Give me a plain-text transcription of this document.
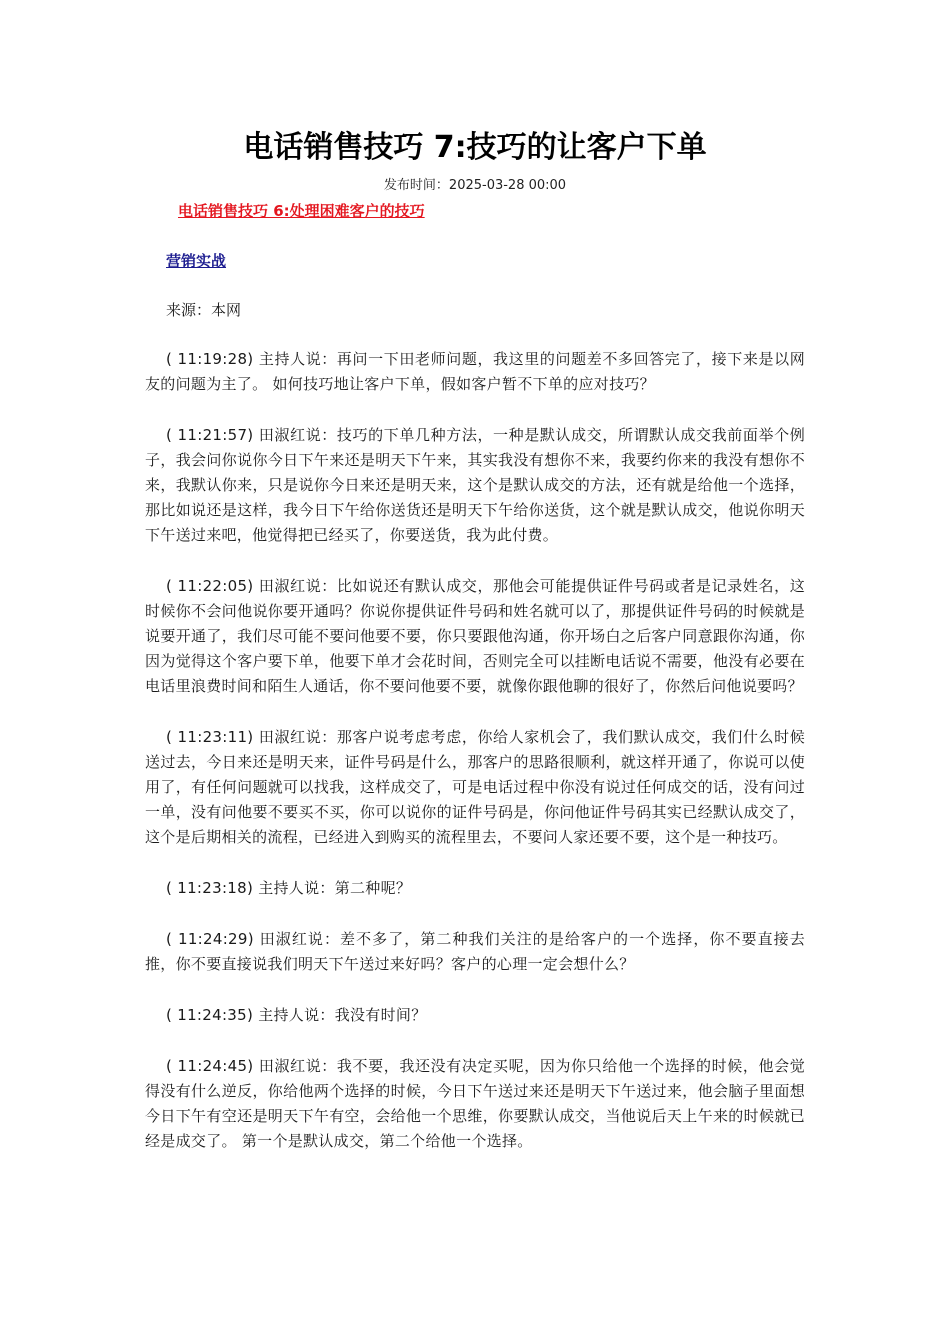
电话销售技巧 7:技巧的让客户下单
发布时间：2025-03-28 00:00
电话销售技巧 6:处理困难客户的技巧
营销实战
来源：本网

( 11:19:28) 主持人说：再问一下田老师问题，我这里的问题差不多回答完了，接下来是以网友的问题为主了。 如何技巧地让客户下单，假如客户暂不下单的应对技巧？

( 11:21:57) 田淑红说：技巧的下单几种方法，一种是默认成交，所谓默认成交我前面举个例子，我会问你说你今日下午来还是明天下午来，其实我没有想你不来，我要约你来的我没有想你不来，我默认你来，只是说你今日来还是明天来，这个是默认成交的方法，还有就是给他一个选择，那比如说还是这样，我今日下午给你送货还是明天下午给你送货，这个就是默认成交，他说你明天下午送过来吧，他觉得把已经买了，你要送货，我为此付费。

( 11:22:05) 田淑红说：比如说还有默认成交，那他会可能提供证件号码或者是记录姓名，这时候你不会问他说你要开通吗？你说你提供证件号码和姓名就可以了，那提供证件号码的时候就是说要开通了，我们尽可能不要问他要不要，你只要跟他沟通，你开场白之后客户同意跟你沟通，你因为觉得这个客户要下单，他要下单才会花时间，否则完全可以挂断电话说不需要，他没有必要在电话里浪费时间和陌生人通话，你不要问他要不要，就像你跟他聊的很好了，你然后问他说要吗？

( 11:23:11) 田淑红说：那客户说考虑考虑，你给人家机会了，我们默认成交，我们什么时候送过去，今日来还是明天来，证件号码是什么，那客户的思路很顺利，就这样开通了，你说可以使用了，有任何问题就可以找我，这样成交了，可是电话过程中你没有说过任何成交的话，没有问过一单，没有问他要不要买不买，你可以说你的证件号码是，你问他证件号码其实已经默认成交了，这个是后期相关的流程，已经进入到购买的流程里去，不要问人家还要不要，这个是一种技巧。

( 11:23:18) 主持人说：第二种呢？

( 11:24:29) 田淑红说：差不多了，第二种我们关注的是给客户的一个选择，你不要直接去推，你不要直接说我们明天下午送过来好吗？客户的心理一定会想什么？

( 11:24:35) 主持人说：我没有时间？

( 11:24:45) 田淑红说：我不要，我还没有决定买呢，因为你只给他一个选择的时候，他会觉得没有什么逆反，你给他两个选择的时候，今日下午送过来还是明天下午送过来，他会脑子里面想今日下午有空还是明天下午有空，会给他一个思维，你要默认成交，当他说后天上午来的时候就已经是成交了。 第一个是默认成交，第二个给他一个选择。
